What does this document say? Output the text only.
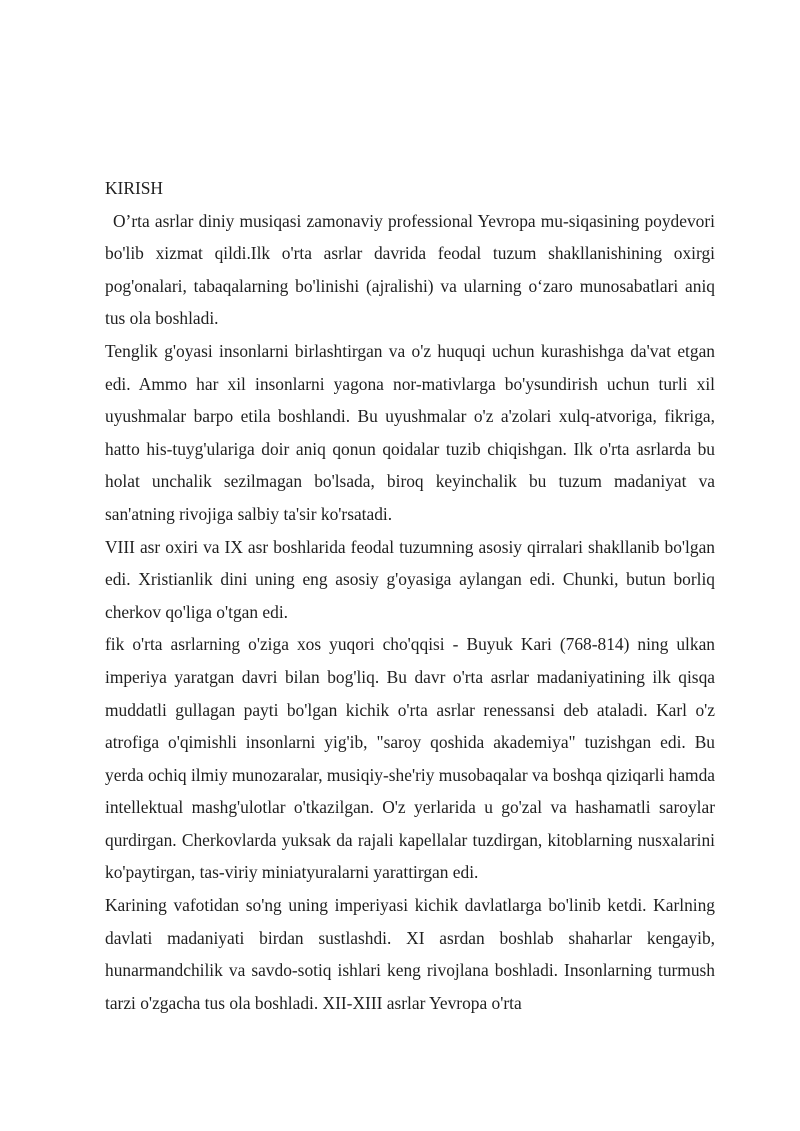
KIRISH

O’rta asrlar diniy musiqasi zamonaviy professional Yevropa mu-siqasining poydevori bo'lib xizmat qildi.Ilk o'rta asrlar davrida feodal tuzum shakllanishining oxirgi pog'onalari, tabaqalarning bo'linishi (ajralishi) va ularning o‘zaro munosabatlari aniq tus ola boshladi.

Tenglik g'oyasi insonlarni birlashtirgan va o'z huquqi uchun kurashishga da'vat etgan edi. Ammo har xil insonlarni yagona nor-mativlarga bo'ysundirish uchun turli xil uyushmalar barpo etila boshlandi. Bu uyushmalar o'z a'zolari xulq-atvoriga, fikriga, hatto his-tuyg'ulariga doir aniq qonun qoidalar tuzib chiqishgan. Ilk o'rta asrlarda bu holat unchalik sezilmagan bo'lsada, biroq keyinchalik bu tuzum madaniyat va san'atning rivojiga salbiy ta'sir ko'rsatadi.

VIII asr oxiri va IX asr boshlarida feodal tuzumning asosiy qirralari shakllanib bo'lgan edi. Xristianlik dini uning eng asosiy g'oyasiga aylangan edi. Chunki, butun borliq cherkov qo'liga o'tgan edi.

fik o'rta asrlarning o'ziga xos yuqori cho'qqisi - Buyuk Kari (768-814) ning ulkan imperiya yaratgan davri bilan bog'liq. Bu davr o'rta asrlar madaniyatining ilk qisqa muddatli gullagan payti bo'lgan kichik o'rta asrlar renessansi deb ataladi. Karl o'z atrofiga o'qimishli insonlarni yig'ib, "saroy qoshida akademiya" tuzishgan edi. Bu yerda ochiq ilmiy munozaralar, musiqiy-she'riy musobaqalar va boshqa qiziqarli hamda intellektual mashg'ulotlar o'tkazilgan. O'z yerlarida u go'zal va hashamatli saroylar qurdirgan. Cherkovlarda yuksak da rajali kapellalar tuzdirgan, kitoblarning nusxalarini ko'paytirgan, tas-viriy miniatyuralarni yarattirgan edi.

Karining vafotidan so'ng uning imperiyasi kichik davlatlarga bo'linib ketdi. Karlning davlati madaniyati birdan sustlashdi. XI asrdan boshlab shaharlar kengayib, hunarmandchilik va savdo-sotiq ishlari keng rivojlana boshladi. Insonlarning turmush tarzi o'zgacha tus ola boshladi. XII-XIII asrlar Yevropa o'rta
